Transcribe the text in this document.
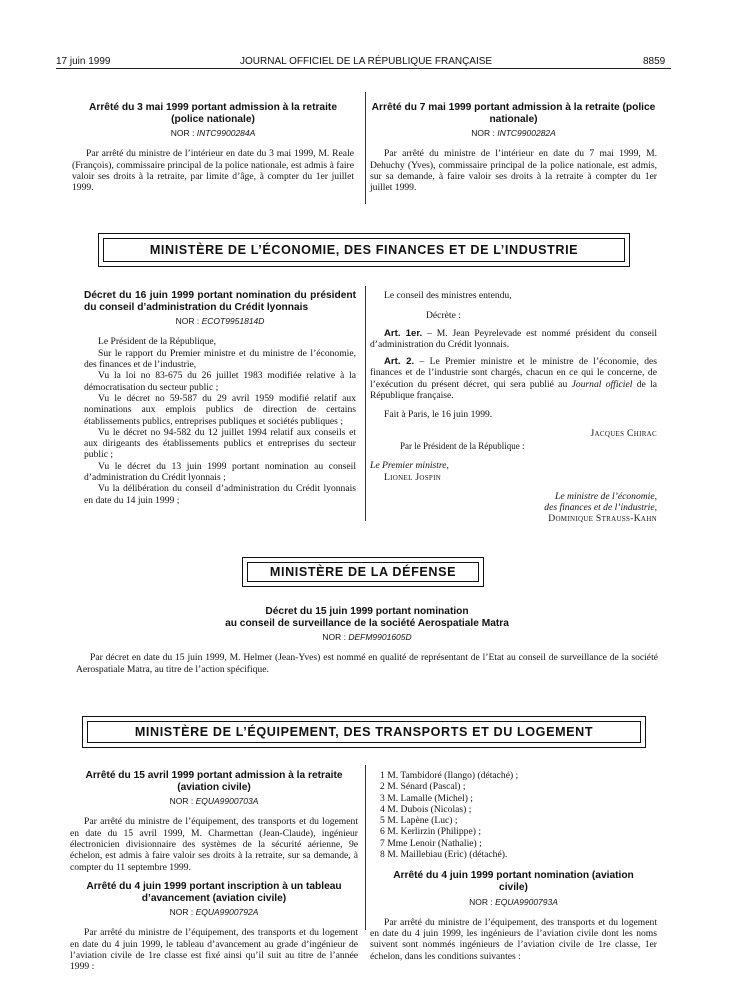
17 juin 1999	JOURNAL OFFICIEL DE LA RÉPUBLIQUE FRANÇAISE	8859
Arrêté du 3 mai 1999 portant admission à la retraite (police nationale)
NOR : INTC9900284A

Par arrêté du ministre de l’intérieur en date du 3 mai 1999, M. Reale (François), commissaire principal de la police nationale, est admis à faire valoir ses droits à la retraite, par limite d’âge, à compter du 1er juillet 1999.

Arrêté du 7 mai 1999 portant admission à la retraite (police nationale)
NOR : INTC9900282A

Par arrêté du ministre de l’intérieur en date du 7 mai 1999, M. Dehuchy (Yves), commissaire principal de la police nationale, est admis, sur sa demande, à faire valoir ses droits à la retraite à compter du 1er juillet 1999.

MINISTÈRE DE L’ÉCONOMIE, DES FINANCES ET DE L’INDUSTRIE
Décret du 16 juin 1999 portant nomination du président du conseil d’administration du Crédit lyonnais
NOR : ECOT9951814D

Le Président de la République,

Sur le rapport du Premier ministre et du ministre de l’économie, des finances et de l’industrie,

Vu la loi no 83-675 du 26 juillet 1983 modifiée relative à la démocratisation du secteur public ;

Vu le décret no 59-587 du 29 avril 1959 modifié relatif aux nominations aux emplois publics de direction de certains établissements publics, entreprises publiques et sociétés publiques ;

Vu le décret no 94-582 du 12 juillet 1994 relatif aux conseils et aux dirigeants des établissements publics et entreprises du secteur public ;

Vu le décret du 13 juin 1999 portant nomination au conseil d’administration du Crédit lyonnais ;

Vu la délibération du conseil d’administration du Crédit lyonnais en date du 14 juin 1999 ;

Le conseil des ministres entendu,

Décrète :

Art. 1er. – M. Jean Peyrelevade est nommé président du conseil d’administration du Crédit lyonnais.

Art. 2. – Le Premier ministre et le ministre de l’économie, des finances et de l’industrie sont chargés, chacun en ce qui le concerne, de l’exécution du présent décret, qui sera publié au Journal officiel de la République française.

Fait à Paris, le 16 juin 1999.

Jacques Chirac
Par le Président de la République :
Le Premier ministre,
Lionel Jospin
Le ministre de l’économie,
des finances et de l’industrie,
Dominique Strauss-Kahn
MINISTÈRE DE LA DÉFENSE
Décret du 15 juin 1999 portant nomination
au conseil de surveillance de la société Aerospatiale Matra
NOR : DEFM9901605D

Par décret en date du 15 juin 1999, M. Helmer (Jean-Yves) est nommé en qualité de représentant de l’Etat au conseil de surveillance de la société Aerospatiale Matra, au titre de l’action spécifique.

MINISTÈRE DE L’ÉQUIPEMENT, DES TRANSPORTS ET DU LOGEMENT
Arrêté du 15 avril 1999 portant admission à la retraite (aviation civile)
NOR : EQUA9900703A

Par arrêté du ministre de l’équipement, des transports et du logement en date du 15 avril 1999, M. Charmettan (Jean-Claude), ingénieur électronicien divisionnaire des systèmes de la sécurité aérienne, 9e échelon, est admis à faire valoir ses droits à la retraite, sur sa demande, à compter du 11 septembre 1999.

Arrêté du 4 juin 1999 portant inscription à un tableau d’avancement (aviation civile)
NOR : EQUA9900792A

Par arrêté du ministre de l’équipement, des transports et du logement en date du 4 juin 1999, le tableau d’avancement au grade d’ingénieur de l’aviation civile de 1re classe est fixé ainsi qu’il suit au titre de l’année 1999 :

1 M. Tambidoré (Ilango) (détaché) ;
2 M. Sénard (Pascal) ;
3 M. Lamalle (Michel) ;
4 M. Dubois (Nicolas) ;
5 M. Lapène (Luc) ;
6 M. Kerlirzin (Philippe) ;
7 Mme Lenoir (Nathalie) ;
8 M. Maillebiau (Eric) (détaché).
Arrêté du 4 juin 1999 portant nomination (aviation civile)
NOR : EQUA9900793A

Par arrêté du ministre de l’équipement, des transports et du logement en date du 4 juin 1999, les ingénieurs de l’aviation civile dont les noms suivent sont nommés ingénieurs de l’aviation civile de 1re classe, 1er échelon, dans les conditions suivantes :
